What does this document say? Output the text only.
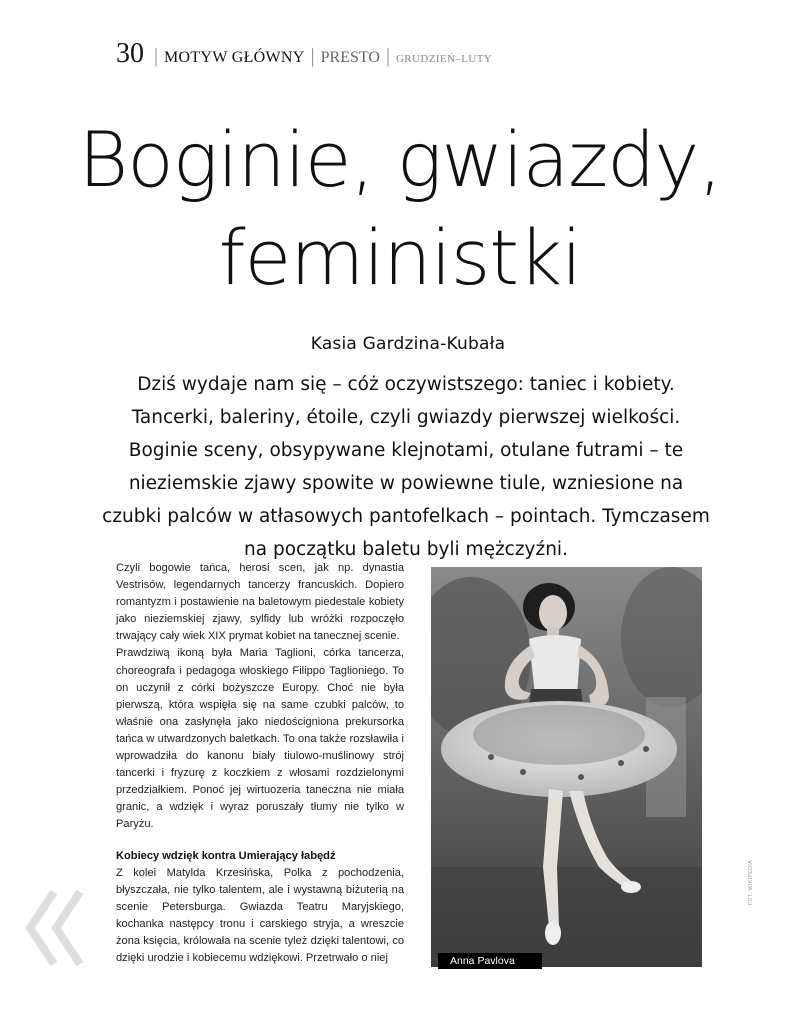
30 | MOTYW GŁÓWNY | PRESTO | GRUDZIEŃ–LUTY
Boginie, gwiazdy,
feministki
Kasia Gardzina-Kubała

Dziś wydaje nam się – cóż oczywistszego: taniec i kobiety. Tancerki, baleriny, étoile, czyli gwiazdy pierwszej wielkości. Boginie sceny, obsypywane klejnotami, otulane futrami – te nieziemskie zjawy spowite w powiewne tiule, wzniesione na czubki palców w atłasowych pantofelkach – pointach. Tymczasem na początku baletu byli mężczyźni.

Czyli bogowie tańca, herosi scen, jak np. dynastia Vestrisów, legendarnych tancerzy francuskich. Dopiero romantyzm i postawienie na baletowym piedestale kobiety jako nieziemskiej zjawy, sylfidy lub wróżki rozpoczęło trwający cały wiek XIX prymat kobiet na tanecznej scenie.

Prawdziwą ikoną była Maria Taglioni, córka tancerza, choreografa i pedagoga włoskiego Filippo Taglioniego. To on uczynił z córki bożyszcze Europy. Choć nie była pierwszą, która wspięła się na same czubki palców, to właśnie ona zasłynęła jako niedościgniona prekursorka tańca w utwardzonych baletkach. To ona także rozsławiła i wprowadziła do kanonu biały tiulowo-muślinowy strój tancerki i fryzurę z koczkiem z włosami rozdzielonymi przedziałkiem. Ponoć jej wirtuozeria taneczna nie miała granic, a wdzięk i wyraz poruszały tłumy nie tylko w Paryżu.

Kobiecy wdzięk kontra Umierający łabędź

Z kolei Matylda Krzesińska, Polka z pochodzenia, błyszczała, nie tylko talentem, ale i wystawną biżuterią na scenie Petersburga. Gwiazda Teatru Maryjskiego, kochanka następcy tronu i carskiego stryja, a wreszcie żona księcia, królowała na scenie tyleż dzięki talentowi, co dzięki urodzie i kobiecemu wdziękowi. Przetrwało o niej	Anna Pavlova
FOT. WIKIPEDIA
